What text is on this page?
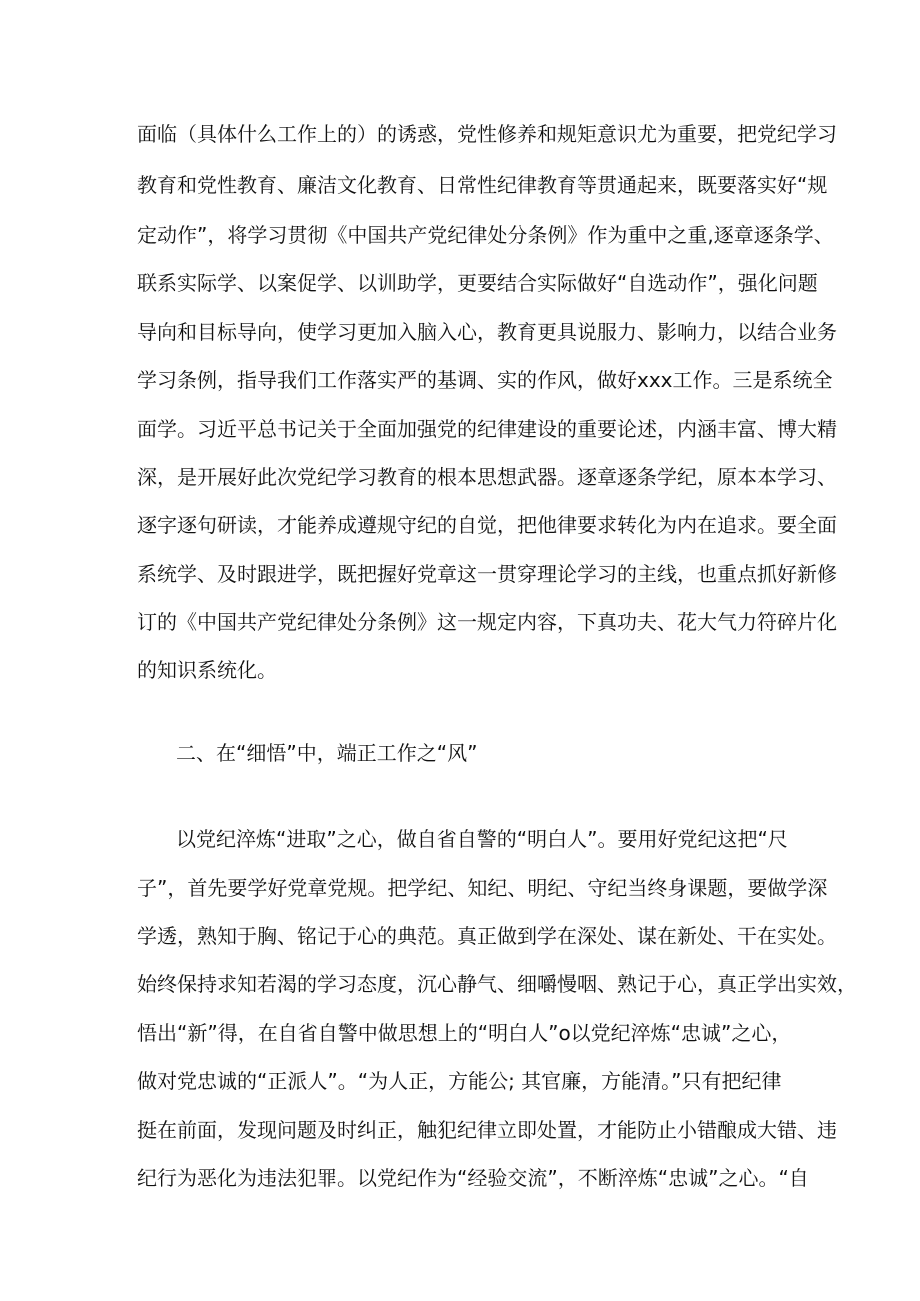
面临（具体什么工作上的）的诱惑，党性修养和规矩意识尤为重要，把党纪学习
教育和党性教育、廉洁文化教育、日常性纪律教育等贯通起来，既要落实好“规
定动作”，将学习贯彻《中国共产党纪律处分条例》作为重中之重,逐章逐条学、
联系实际学、以案促学、以训助学，更要结合实际做好“自选动作”，强化问题
导向和目标导向，使学习更加入脑入心，教育更具说服力、影响力，以结合业务
学习条例，指导我们工作落实严的基调、实的作风，做好xxx工作。三是系统全
面学。习近平总书记关于全面加强党的纪律建设的重要论述，内涵丰富、博大精
深，是开展好此次党纪学习教育的根本思想武器。逐章逐条学纪，原本本学习、
逐字逐句研读，才能养成遵规守纪的自觉，把他律要求转化为内在追求。要全面
系统学、及时跟进学，既把握好党章这一贯穿理论学习的主线，也重点抓好新修
订的《中国共产党纪律处分条例》这一规定内容，下真功夫、花大气力符碎片化
的知识系统化。
二、在“细悟”中，端正工作之“风”
以党纪淬炼“进取”之心，做自省自警的“明白人”。要用好党纪这把“尺
子”，首先要学好党章党规。把学纪、知纪、明纪、守纪当终身课题，要做学深
学透，熟知于胸、铭记于心的典范。真正做到学在深处、谋在新处、干在实处。
始终保持求知若渴的学习态度，沉心静气、细嚼慢咽、熟记于心，真正学出实效，
悟出“新”得，在自省自警中做思想上的“明白人”o以党纪淬炼“忠诚”之心，
做对党忠诚的“正派人”。“为人正，方能公; 其官廉，方能清。”只有把纪律
挺在前面，发现问题及时纠正，触犯纪律立即处置，才能防止小错酿成大错、违
纪行为恶化为违法犯罪。以党纪作为“经验交流”，不断淬炼“忠诚”之心。“自
